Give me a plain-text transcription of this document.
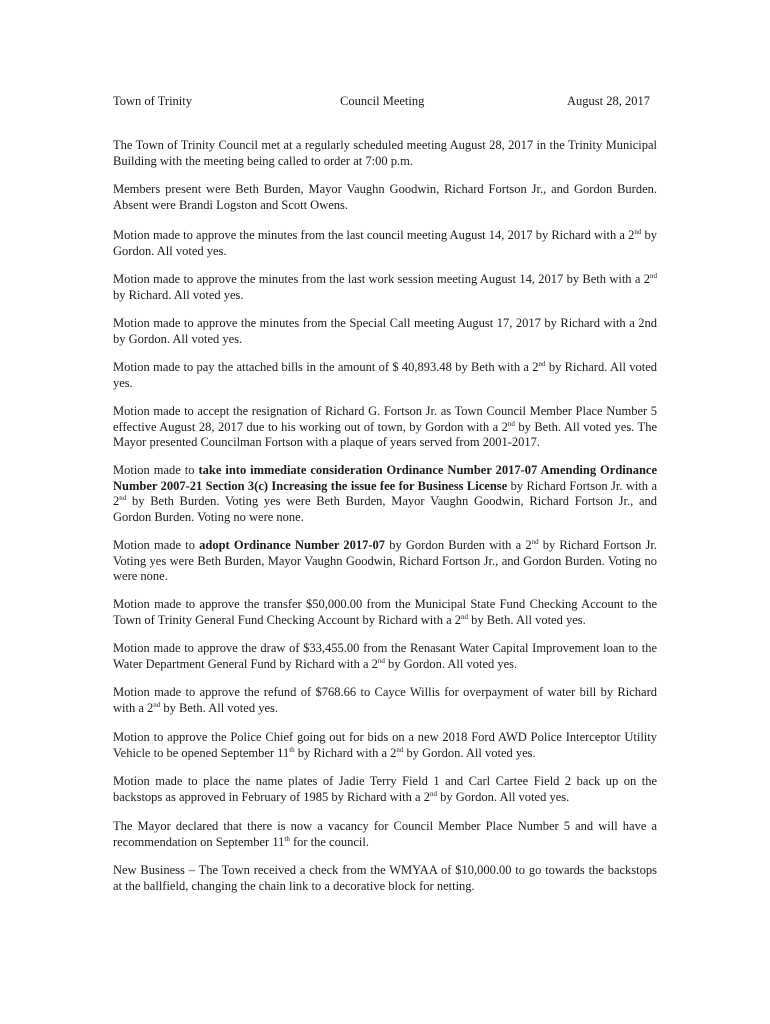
Town of Trinity	Council Meeting	August 28, 2017

The Town of Trinity Council met at a regularly scheduled meeting August 28, 2017 in the Trinity Municipal Building with the meeting being called to order at 7:00 p.m.

Members present were Beth Burden, Mayor Vaughn Goodwin, Richard Fortson Jr., and Gordon Burden. Absent were Brandi Logston and Scott Owens.

Motion made to approve the minutes from the last council meeting August 14, 2017 by Richard with a 2nd by Gordon. All voted yes.

Motion made to approve the minutes from the last work session meeting August 14, 2017 by Beth with a 2nd by Richard. All voted yes.

Motion made to approve the minutes from the Special Call meeting August 17, 2017 by Richard with a 2nd by Gordon. All voted yes.

Motion made to pay the attached bills in the amount of $ 40,893.48 by Beth with a 2nd by Richard. All voted yes.

Motion made to accept the resignation of Richard G. Fortson Jr. as Town Council Member Place Number 5 effective August 28, 2017 due to his working out of town, by Gordon with a 2nd by Beth. All voted yes. The Mayor presented Councilman Fortson with a plaque of years served from 2001-2017.

Motion made to take into immediate consideration Ordinance Number 2017-07 Amending Ordinance Number 2007-21 Section 3(c) Increasing the issue fee for Business License by Richard Fortson Jr. with a 2nd by Beth Burden. Voting yes were Beth Burden, Mayor Vaughn Goodwin, Richard Fortson Jr., and Gordon Burden. Voting no were none.

Motion made to adopt Ordinance Number 2017-07 by Gordon Burden with a 2nd by Richard Fortson Jr. Voting yes were Beth Burden, Mayor Vaughn Goodwin, Richard Fortson Jr., and Gordon Burden. Voting no were none.

Motion made to approve the transfer $50,000.00 from the Municipal State Fund Checking Account to the Town of Trinity General Fund Checking Account by Richard with a 2nd by Beth. All voted yes.

Motion made to approve the draw of $33,455.00 from the Renasant Water Capital Improvement loan to the Water Department General Fund by Richard with a 2nd by Gordon. All voted yes.

Motion made to approve the refund of $768.66 to Cayce Willis for overpayment of water bill by Richard with a 2nd by Beth. All voted yes.

Motion to approve the Police Chief going out for bids on a new 2018 Ford AWD Police Interceptor Utility Vehicle to be opened September 11th by Richard with a 2nd by Gordon. All voted yes.

Motion made to place the name plates of Jadie Terry Field 1 and Carl Cartee Field 2 back up on the backstops as approved in February of 1985 by Richard with a 2nd by Gordon. All voted yes.

The Mayor declared that there is now a vacancy for Council Member Place Number 5 and will have a recommendation on September 11th for the council.

New Business – The Town received a check from the WMYAA of $10,000.00 to go towards the backstops at the ballfield, changing the chain link to a decorative block for netting.
